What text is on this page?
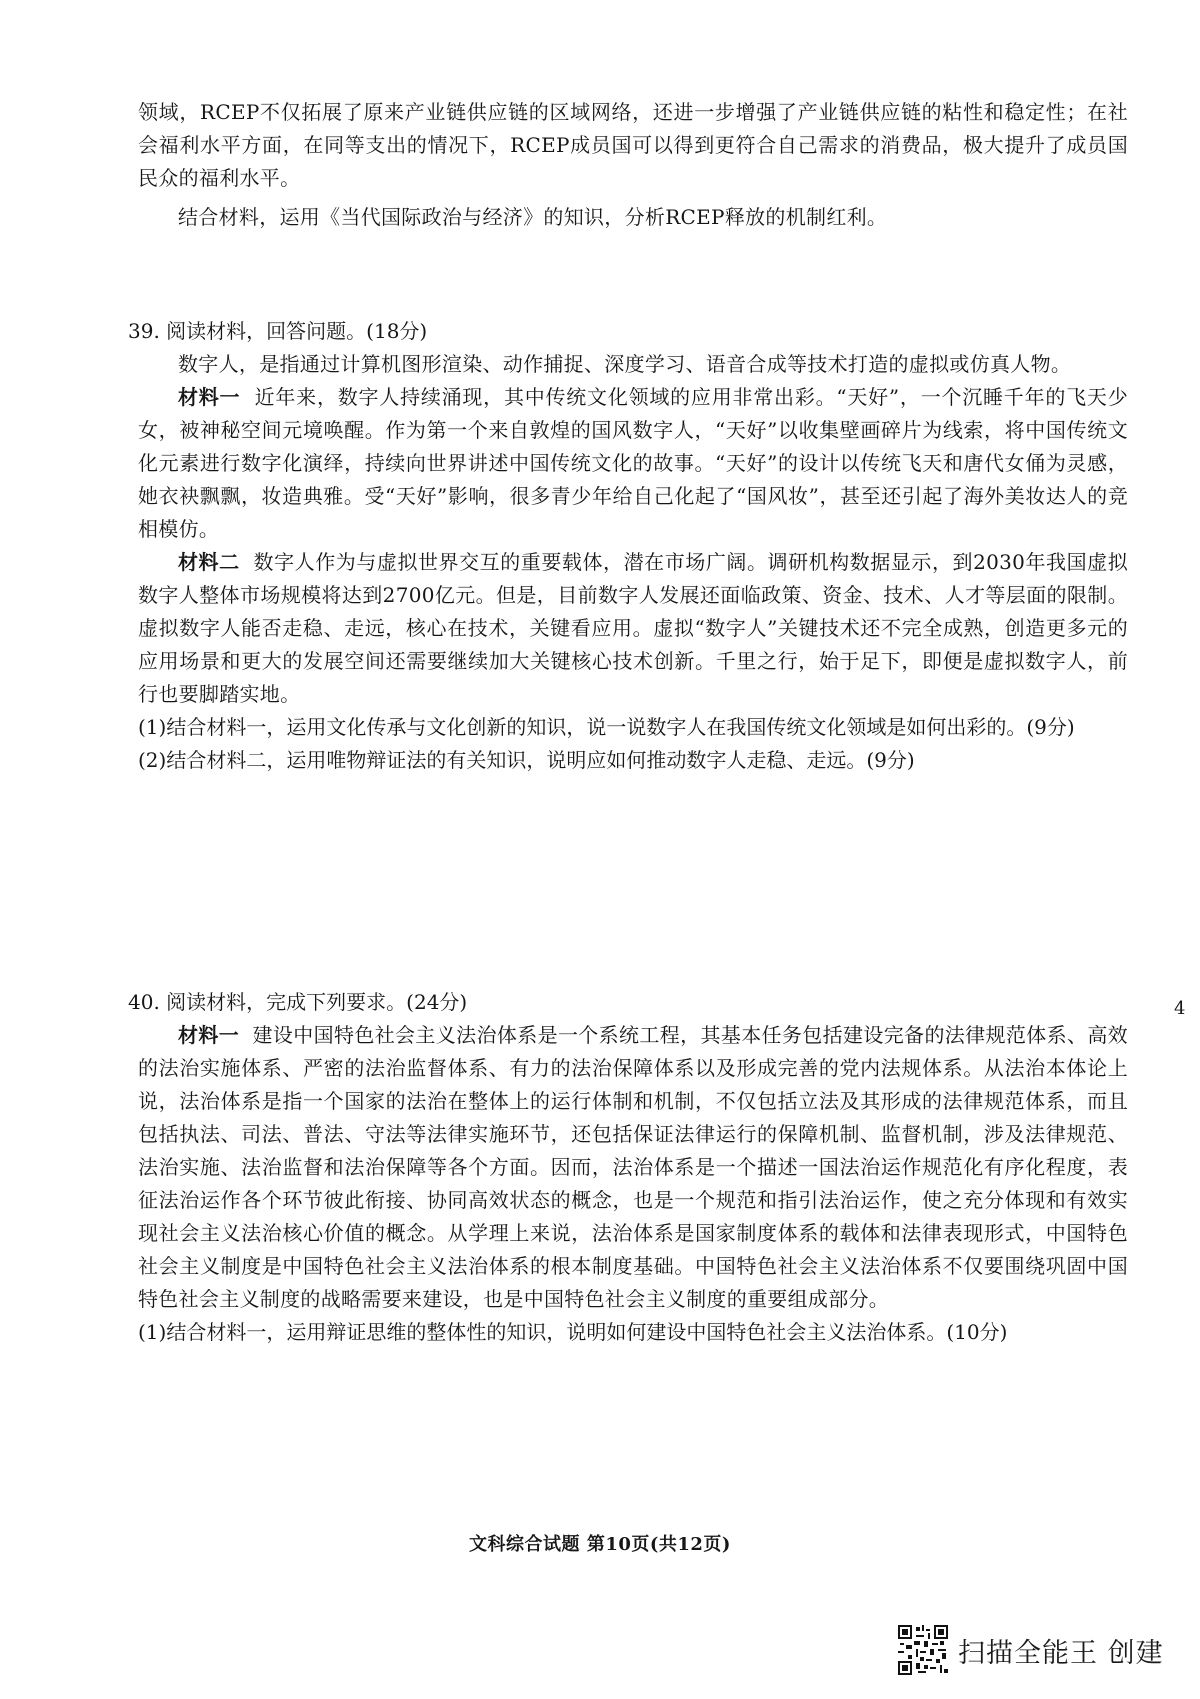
领域，RCEP不仅拓展了原来产业链供应链的区域网络，还进一步增强了产业链供应链的粘性和稳定性；在社会福利水平方面，在同等支出的情况下，RCEP成员国可以得到更符合自己需求的消费品，极大提升了成员国民众的福利水平。

结合材料，运用《当代国际政治与经济》的知识，分析RCEP释放的机制红利。

39. 阅读材料，回答问题。(18分)

数字人，是指通过计算机图形渲染、动作捕捉、深度学习、语音合成等技术打造的虚拟或仿真人物。

材料一 近年来，数字人持续涌现，其中传统文化领域的应用非常出彩。“天好”，一个沉睡千年的飞天少女，被神秘空间元境唤醒。作为第一个来自敦煌的国风数字人，“天好”以收集壁画碎片为线索，将中国传统文化元素进行数字化演绎，持续向世界讲述中国传统文化的故事。“天好”的设计以传统飞天和唐代女俑为灵感，她衣袂飘飘，妆造典雅。受“天好”影响，很多青少年给自己化起了“国风妆”，甚至还引起了海外美妆达人的竞相模仿。

材料二 数字人作为与虚拟世界交互的重要载体，潜在市场广阔。调研机构数据显示，到2030年我国虚拟数字人整体市场规模将达到2700亿元。但是，目前数字人发展还面临政策、资金、技术、人才等层面的限制。虚拟数字人能否走稳、走远，核心在技术，关键看应用。虚拟“数字人”关键技术还不完全成熟，创造更多元的应用场景和更大的发展空间还需要继续加大关键核心技术创新。千里之行，始于足下，即便是虚拟数字人，前行也要脚踏实地。

(1)结合材料一，运用文化传承与文化创新的知识，说一说数字人在我国传统文化领域是如何出彩的。(9分)

(2)结合材料二，运用唯物辩证法的有关知识，说明应如何推动数字人走稳、走远。(9分)

40. 阅读材料，完成下列要求。(24分)

材料一 建设中国特色社会主义法治体系是一个系统工程，其基本任务包括建设完备的法律规范体系、高效的法治实施体系、严密的法治监督体系、有力的法治保障体系以及形成完善的党内法规体系。从法治本体论上说，法治体系是指一个国家的法治在整体上的运行体制和机制，不仅包括立法及其形成的法律规范体系，而且包括执法、司法、普法、守法等法律实施环节，还包括保证法律运行的保障机制、监督机制，涉及法律规范、法治实施、法治监督和法治保障等各个方面。因而，法治体系是一个描述一国法治运作规范化有序化程度，表征法治运作各个环节彼此衔接、协同高效状态的概念，也是一个规范和指引法治运作，使之充分体现和有效实现社会主义法治核心价值的概念。从学理上来说，法治体系是国家制度体系的载体和法律表现形式，中国特色社会主义制度是中国特色社会主义法治体系的根本制度基础。中国特色社会主义法治体系不仅要围绕巩固中国特色社会主义制度的战略需要来建设，也是中国特色社会主义制度的重要组成部分。

(1)结合材料一，运用辩证思维的整体性的知识，说明如何建设中国特色社会主义法治体系。(10分)

4
文科综合试题 第10页(共12页)
扫描全能王 创建
